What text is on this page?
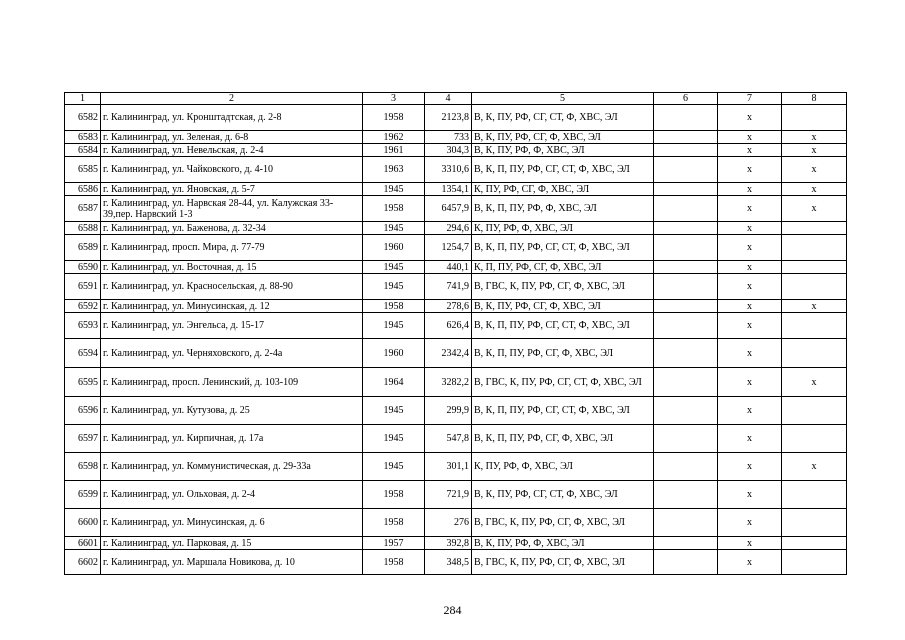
1	2	3	4	5	6	7	8
6582	г. Калининград, ул. Кронштадтская, д. 2-8	1958	2123,8	В, К, ПУ, РФ, СГ, СТ, Ф, ХВС, ЭЛ		х	
6583	г. Калининград, ул. Зеленая, д. 6-8	1962	733	В, К, ПУ, РФ, СГ, Ф, ХВС, ЭЛ		х	х
6584	г. Калининград, ул. Невельская, д. 2-4	1961	304,3	В, К, ПУ, РФ, Ф, ХВС, ЭЛ		х	х
6585	г. Калининград, ул. Чайковского, д. 4-10	1963	3310,6	В, К, П, ПУ, РФ, СГ, СТ, Ф, ХВС, ЭЛ		х	х
6586	г. Калининград, ул. Яновская, д. 5-7	1945	1354,1	К, ПУ, РФ, СГ, Ф, ХВС, ЭЛ		х	х
6587	г. Калининград, ул. Нарвская 28-44, ул. Калужская 33-39,пер. Нарвский 1-3	1958	6457,9	В, К, П, ПУ, РФ, Ф, ХВС, ЭЛ		х	х
6588	г. Калининград, ул. Баженова, д. 32-34	1945	294,6	К, ПУ, РФ, Ф, ХВС, ЭЛ		х	
6589	г. Калининград, просп. Мира, д. 77-79	1960	1254,7	В, К, П, ПУ, РФ, СГ, СТ, Ф, ХВС, ЭЛ		х	
6590	г. Калининград, ул. Восточная, д. 15	1945	440,1	К, П, ПУ, РФ, СГ, Ф, ХВС, ЭЛ		х	
6591	г. Калининград, ул. Красносельская, д. 88-90	1945	741,9	В, ГВС, К, ПУ, РФ, СГ, Ф, ХВС, ЭЛ		х	
6592	г. Калининград, ул. Минусинская, д. 12	1958	278,6	В, К, ПУ, РФ, СГ, Ф, ХВС, ЭЛ		х	х
6593	г. Калининград, ул. Энгельса, д. 15-17	1945	626,4	В, К, П, ПУ, РФ, СГ, СТ, Ф, ХВС, ЭЛ		х	
6594	г. Калининград, ул. Черняховского, д. 2-4а	1960	2342,4	В, К, П, ПУ, РФ, СГ, Ф, ХВС, ЭЛ		х	
6595	г. Калининград, просп. Ленинский, д. 103-109	1964	3282,2	В, ГВС, К, ПУ, РФ, СГ, СТ, Ф, ХВС, ЭЛ		х	х
6596	г. Калининград, ул. Кутузова, д. 25	1945	299,9	В, К, П, ПУ, РФ, СГ, СТ, Ф, ХВС, ЭЛ		х	
6597	г. Калининград, ул. Кирпичная, д. 17а	1945	547,8	В, К, П, ПУ, РФ, СГ, Ф, ХВС, ЭЛ		х	
6598	г. Калининград, ул. Коммунистическая, д. 29-33а	1945	301,1	К, ПУ, РФ, Ф, ХВС, ЭЛ		х	х
6599	г. Калининград, ул. Ольховая, д. 2-4	1958	721,9	В, К, ПУ, РФ, СГ, СТ, Ф, ХВС, ЭЛ		х	
6600	г. Калининград, ул. Минусинская, д. 6	1958	276	В, ГВС, К, ПУ, РФ, СГ, Ф, ХВС, ЭЛ		х	
6601	г. Калининград, ул. Парковая, д. 15	1957	392,8	В, К, ПУ, РФ, Ф, ХВС, ЭЛ		х	
6602	г. Калининград, ул. Маршала Новикова, д. 10	1958	348,5	В, ГВС, К, ПУ, РФ, СГ, Ф, ХВС, ЭЛ		х	
284
